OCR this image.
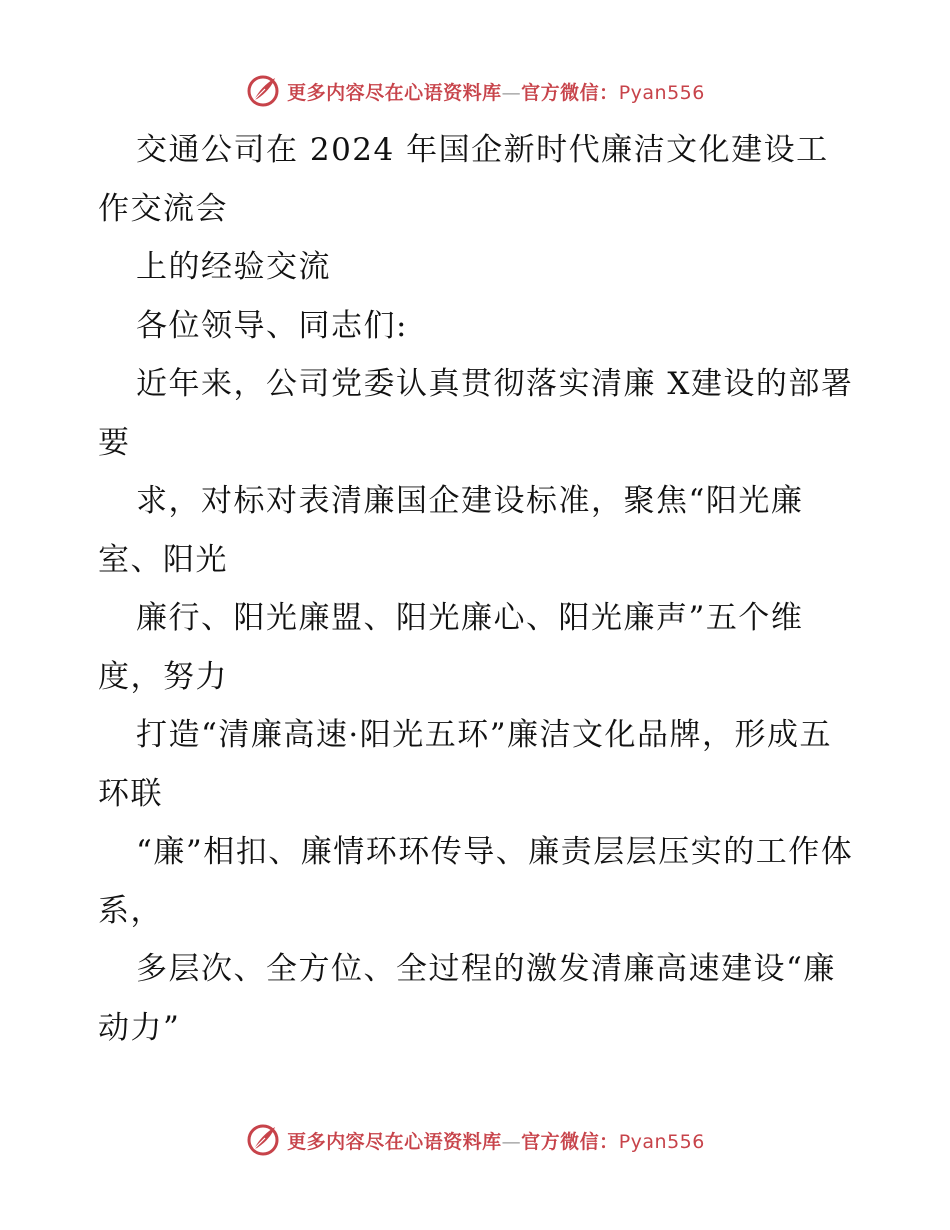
更多内容尽在心语资料库—官方微信：Pyan556

交通公司在 2024 年国企新时代廉洁文化建设工作交流会

上的经验交流

各位领导、同志们:

近年来，公司党委认真贯彻落实清廉 X建设的部署要

求，对标对表清廉国企建设标准，聚焦“阳光廉室、阳光

廉行、阳光廉盟、阳光廉心、阳光廉声”五个维度，努力

打造“清廉高速·阳光五环”廉洁文化品牌，形成五环联

“廉”相扣、廉情环环传导、廉责层层压实的工作体系，

多层次、全方位、全过程的激发清廉高速建设“廉动力”

更多内容尽在心语资料库—官方微信：Pyan556
